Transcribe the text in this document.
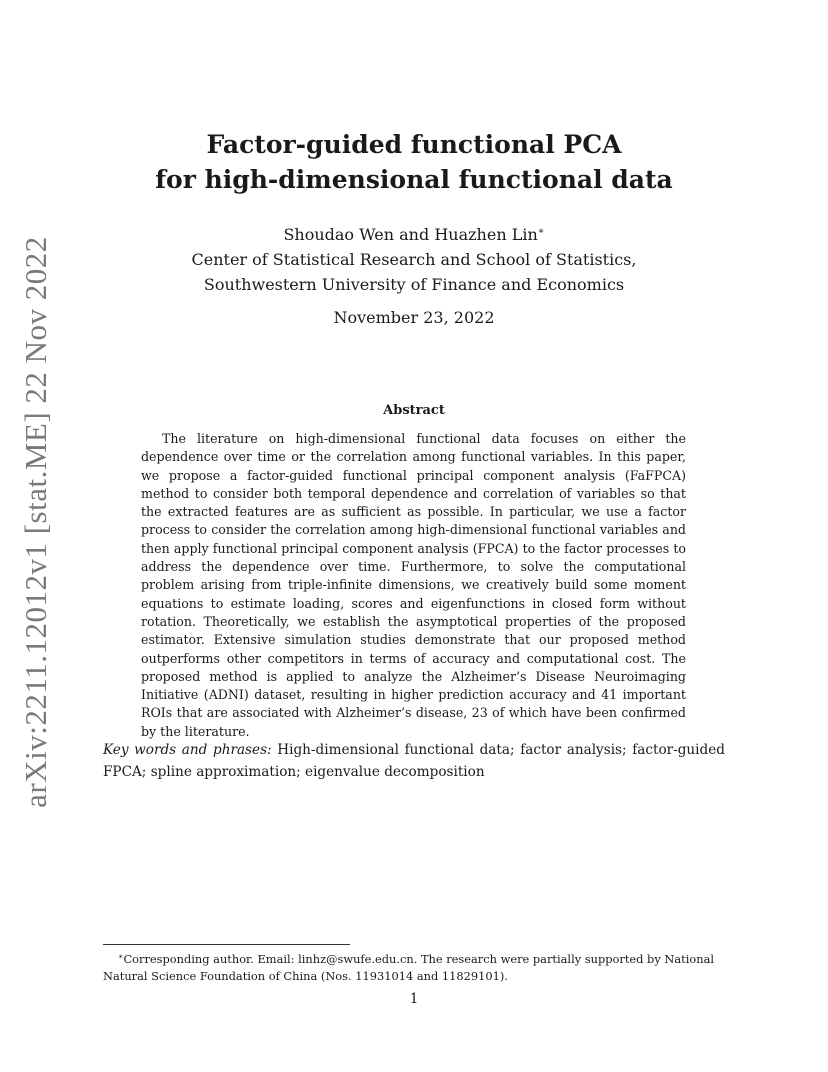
arXiv:2211.12012v1 [stat.ME] 22 Nov 2022
Factor-guided functional PCA
for high-dimensional functional data
Shoudao Wen and Huazhen Lin∗
Center of Statistical Research and School of Statistics,
Southwestern University of Finance and Economics
November 23, 2022
Abstract

The literature on high-dimensional functional data focuses on either the dependence over time or the correlation among functional variables. In this paper, we propose a factor-guided functional principal component analysis (FaFPCA) method to consider both temporal dependence and correlation of variables so that the extracted features are as sufficient as possible. In particular, we use a factor process to consider the correlation among high-dimensional functional variables and then apply functional principal component analysis (FPCA) to the factor processes to address the dependence over time. Furthermore, to solve the computational problem arising from triple-infinite dimensions, we creatively build some moment equations to estimate loading, scores and eigenfunctions in closed form without rotation. Theoretically, we establish the asymptotical properties of the proposed estimator. Extensive simulation studies demonstrate that our proposed method outperforms other competitors in terms of accuracy and computational cost. The proposed method is applied to analyze the Alzheimer’s Disease Neuroimaging Initiative (ADNI) dataset, resulting in higher prediction accuracy and 41 important ROIs that are associated with Alzheimer’s disease, 23 of which have been confirmed by the literature.

Key words and phrases: High-dimensional functional data; factor analysis; factor-guided FPCA; spline approximation; eigenvalue decomposition

∗Corresponding author. Email: linhz@swufe.edu.cn. The research were partially supported by National Natural Science Foundation of China (Nos. 11931014 and 11829101).

1
